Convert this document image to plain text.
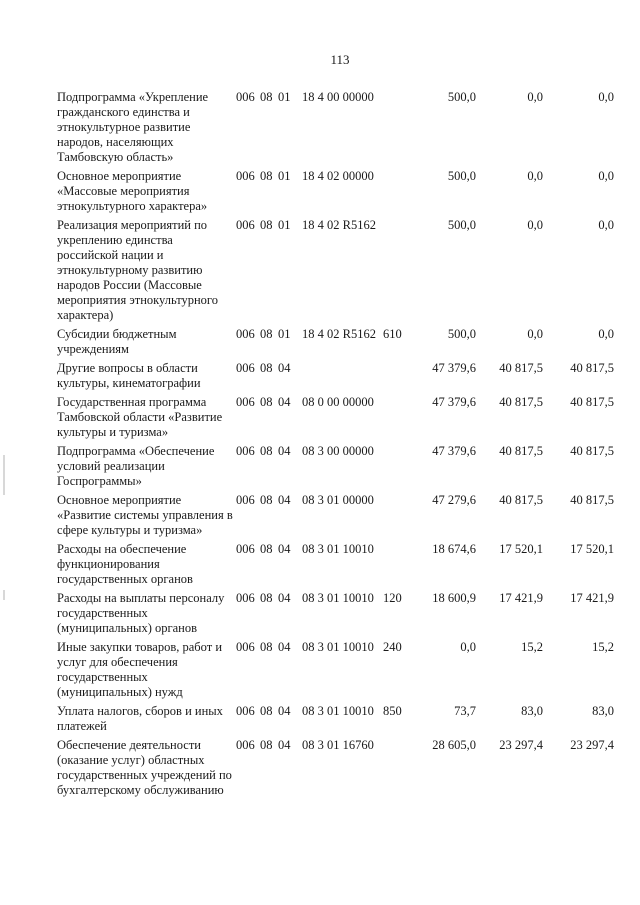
113
Подпрограмма «Укрепление гражданского единства и этнокультурное развитие народов, населяющих Тамбовскую область»
006 08 01 18 4 00 00000	500,0	0,0	0,0
Основное мероприятие «Массовые мероприятия этнокультурного характера»
006 08 01 18 4 02 00000	500,0	0,0	0,0
Реализация мероприятий по укреплению единства российской нации и этнокультурному развитию народов России (Массовые мероприятия этнокультурного характера)
006 08 01 18 4 02 R5162	500,0	0,0	0,0
Субсидии бюджетным учреждениям
006 08 01 18 4 02 R5162 610	500,0	0,0	0,0
Другие вопросы в области культуры, кинематографии
006 08 04	47 379,6	40 817,5	40 817,5
Государственная программа Тамбовской области «Развитие культуры и туризма»
006 08 04 08 0 00 00000	47 379,6	40 817,5	40 817,5
Подпрограмма «Обеспечение условий реализации Госпрограммы»
006 08 04 08 3 00 00000	47 379,6	40 817,5	40 817,5
Основное мероприятие «Развитие системы управления в сфере культуры и туризма»
006 08 04 08 3 01 00000	47 279,6	40 817,5	40 817,5
Расходы на обеспечение функционирования государственных органов
006 08 04 08 3 01 10010	18 674,6	17 520,1	17 520,1
Расходы на выплаты персоналу государственных (муниципальных) органов
006 08 04 08 3 01 10010 120	18 600,9	17 421,9	17 421,9
Иные закупки товаров, работ и услуг для обеспечения государственных (муниципальных) нужд
006 08 04 08 3 01 10010 240	0,0	15,2	15,2
Уплата налогов, сборов и иных платежей
006 08 04 08 3 01 10010 850	73,7	83,0	83,0
Обеспечение деятельности (оказание услуг) областных государственных учреждений по бухгалтерскому обслуживанию
006 08 04 08 3 01 16760	28 605,0	23 297,4	23 297,4
